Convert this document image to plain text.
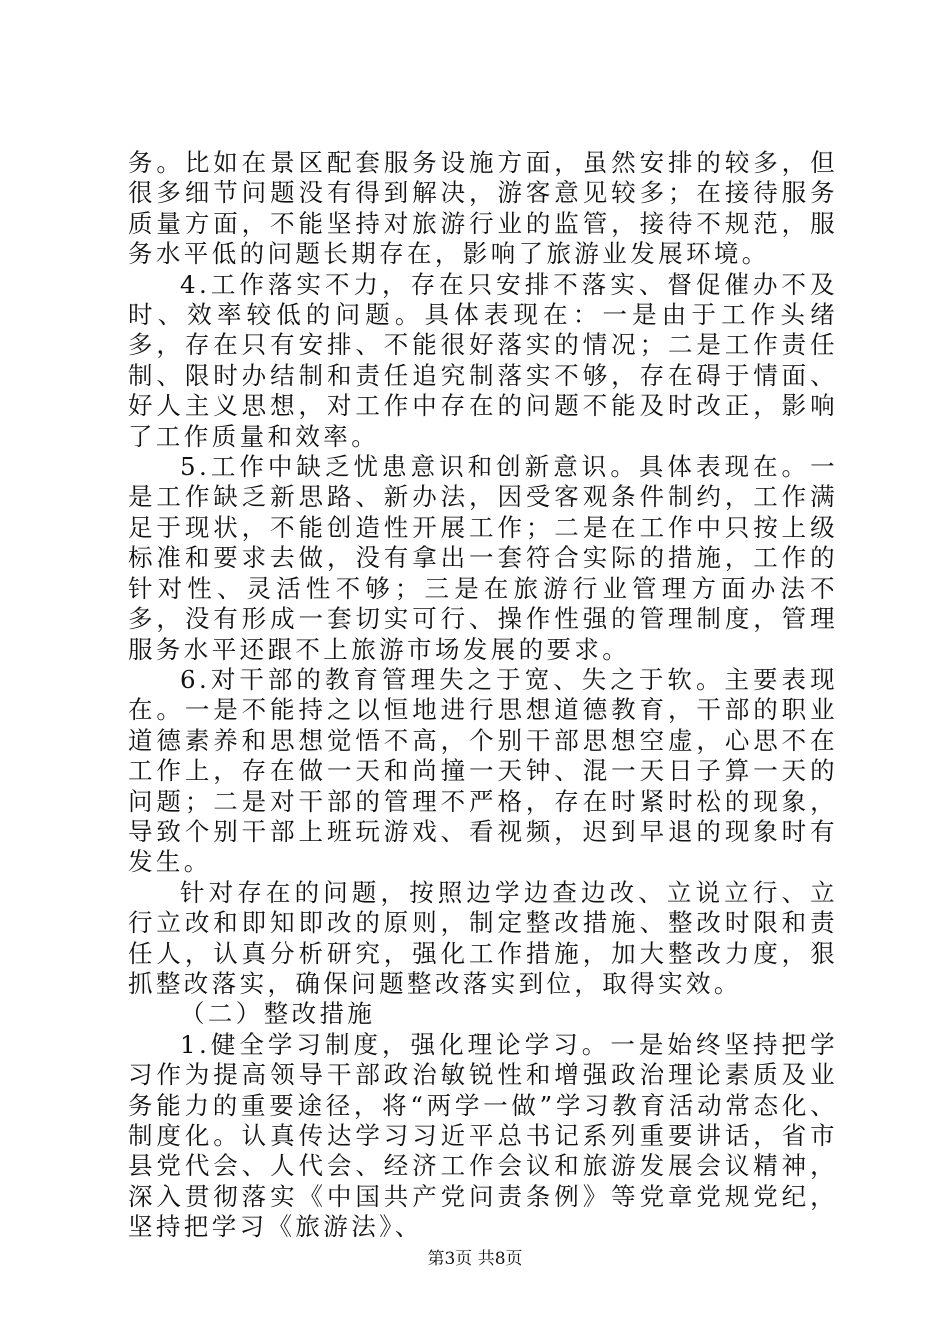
务。比如在景区配套服务设施方面，虽然安排的较多，但很多细节问题没有得到解决，游客意见较多；在接待服务质量方面，不能坚持对旅游行业的监管，接待不规范，服务水平低的问题长期存在，影响了旅游业发展环境。

4.工作落实不力，存在只安排不落实、督促催办不及时、效率较低的问题。具体表现在：一是由于工作头绪多，存在只有安排、不能很好落实的情况；二是工作责任制、限时办结制和责任追究制落实不够，存在碍于情面、好人主义思想，对工作中存在的问题不能及时改正，影响了工作质量和效率。

5.工作中缺乏忧患意识和创新意识。具体表现在。一是工作缺乏新思路、新办法，因受客观条件制约，工作满足于现状，不能创造性开展工作；二是在工作中只按上级标准和要求去做，没有拿出一套符合实际的措施，工作的针对性、灵活性不够；三是在旅游行业管理方面办法不多，没有形成一套切实可行、操作性强的管理制度，管理服务水平还跟不上旅游市场发展的要求。

6.对干部的教育管理失之于宽、失之于软。主要表现在。一是不能持之以恒地进行思想道德教育，干部的职业道德素养和思想觉悟不高，个别干部思想空虚，心思不在工作上，存在做一天和尚撞一天钟、混一天日子算一天的问题；二是对干部的管理不严格，存在时紧时松的现象，导致个别干部上班玩游戏、看视频，迟到早退的现象时有发生。

针对存在的问题，按照边学边查边改、立说立行、立行立改和即知即改的原则，制定整改措施、整改时限和责任人，认真分析研究，强化工作措施，加大整改力度，狠抓整改落实，确保问题整改落实到位，取得实效。

（二）整改措施

1.健全学习制度，强化理论学习。一是始终坚持把学习作为提高领导干部政治敏锐性和增强政治理论素质及业务能力的重要途径，将“两学一做”学习教育活动常态化、制度化。认真传达学习习近平总书记系列重要讲话，省市县党代会、人代会、经济工作会议和旅游发展会议精神，深入贯彻落实《中国共产党问责条例》等党章党规党纪，坚持把学习《旅游法》、

第3页 共8页
